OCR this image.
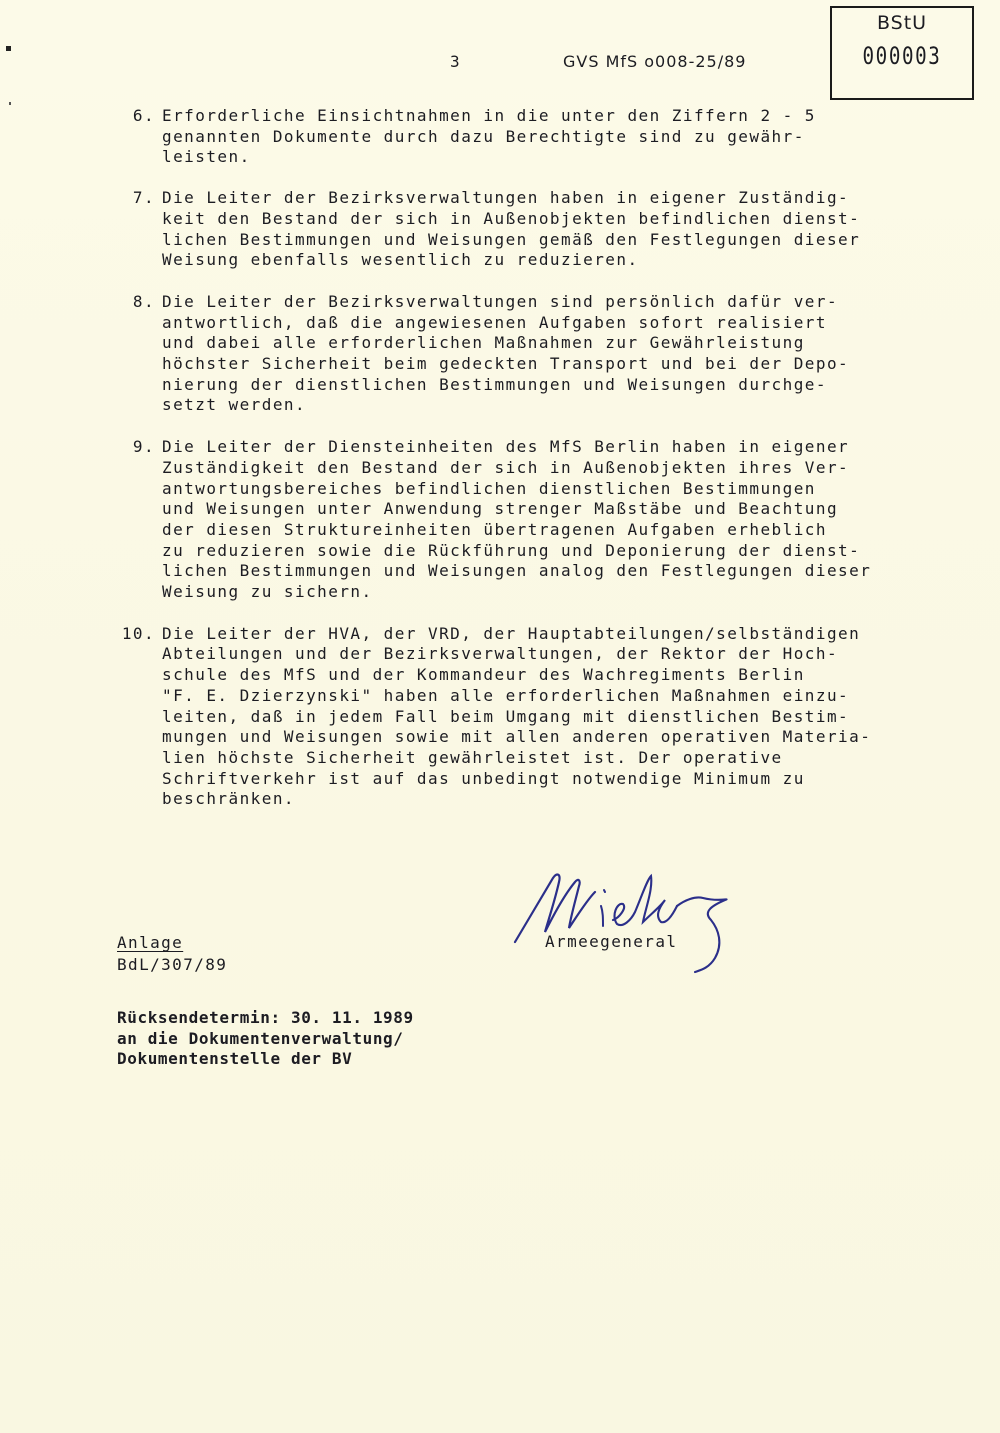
3	GVS MfS o008-25/89
BStU
000003
6. Erforderliche Einsichtnahmen in die unter den Ziffern 2 - 5
genannten Dokumente durch dazu Berechtigte sind zu gewähr-
leisten.
7. Die Leiter der Bezirksverwaltungen haben in eigener Zuständig-
keit den Bestand der sich in Außenobjekten befindlichen dienst-
lichen Bestimmungen und Weisungen gemäß den Festlegungen dieser
Weisung ebenfalls wesentlich zu reduzieren.
8. Die Leiter der Bezirksverwaltungen sind persönlich dafür ver-
antwortlich, daß die angewiesenen Aufgaben sofort realisiert
und dabei alle erforderlichen Maßnahmen zur Gewährleistung
höchster Sicherheit beim gedeckten Transport und bei der Depo-
nierung der dienstlichen Bestimmungen und Weisungen durchge-
setzt werden.
9. Die Leiter der Diensteinheiten des MfS Berlin haben in eigener
Zuständigkeit den Bestand der sich in Außenobjekten ihres Ver-
antwortungsbereiches befindlichen dienstlichen Bestimmungen
und Weisungen unter Anwendung strenger Maßstäbe und Beachtung
der diesen Struktureinheiten übertragenen Aufgaben erheblich
zu reduzieren sowie die Rückführung und Deponierung der dienst-
lichen Bestimmungen und Weisungen analog den Festlegungen dieser
Weisung zu sichern.
10. Die Leiter der HVA, der VRD, der Hauptabteilungen/selbständigen
Abteilungen und der Bezirksverwaltungen, der Rektor der Hoch-
schule des MfS und der Kommandeur des Wachregiments Berlin
"F. E. Dzierzynski" haben alle erforderlichen Maßnahmen einzu-
leiten, daß in jedem Fall beim Umgang mit dienstlichen Bestim-
mungen und Weisungen sowie mit allen anderen operativen Materia-
lien höchste Sicherheit gewährleistet ist. Der operative
Schriftverkehr ist auf das unbedingt notwendige Minimum zu
beschränken.
Armeegeneral
Anlage
BdL/307/89
Rücksendetermin: 30. 11. 1989
an die Dokumentenverwaltung/
Dokumentenstelle der BV
